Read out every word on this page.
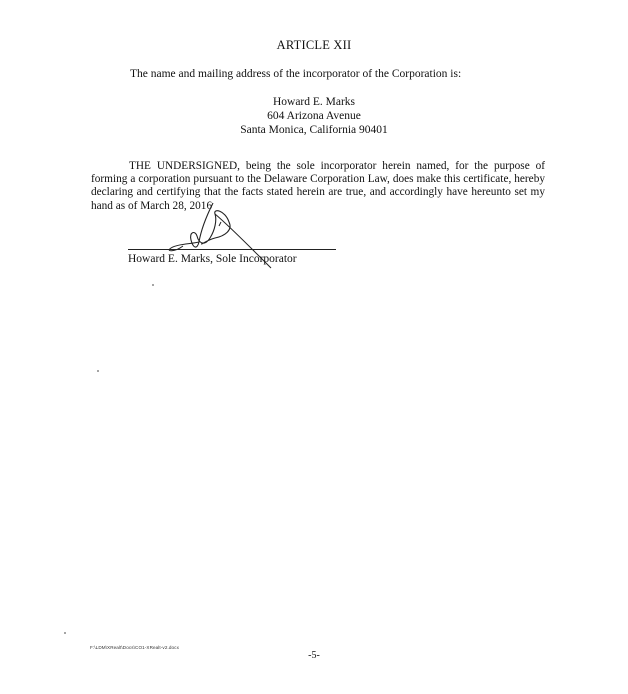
ARTICLE XII
The name and mailing address of the incorporator of the Corporation is:
Howard E. Marks
604 Arizona Avenue
Santa Monica, California 90401
THE UNDERSIGNED, being the sole incorporator herein named, for the purpose of forming a corporation pursuant to the Delaware Corporation Law, does make this certificate, hereby declaring and certifying that the facts stated herein are true, and accordingly have hereunto set my hand as of March 28, 2016
Howard E. Marks, Sole Incorporator
F:\LDM\XRealt\Docs\CO1-XRealt-v2.docx
-5-
